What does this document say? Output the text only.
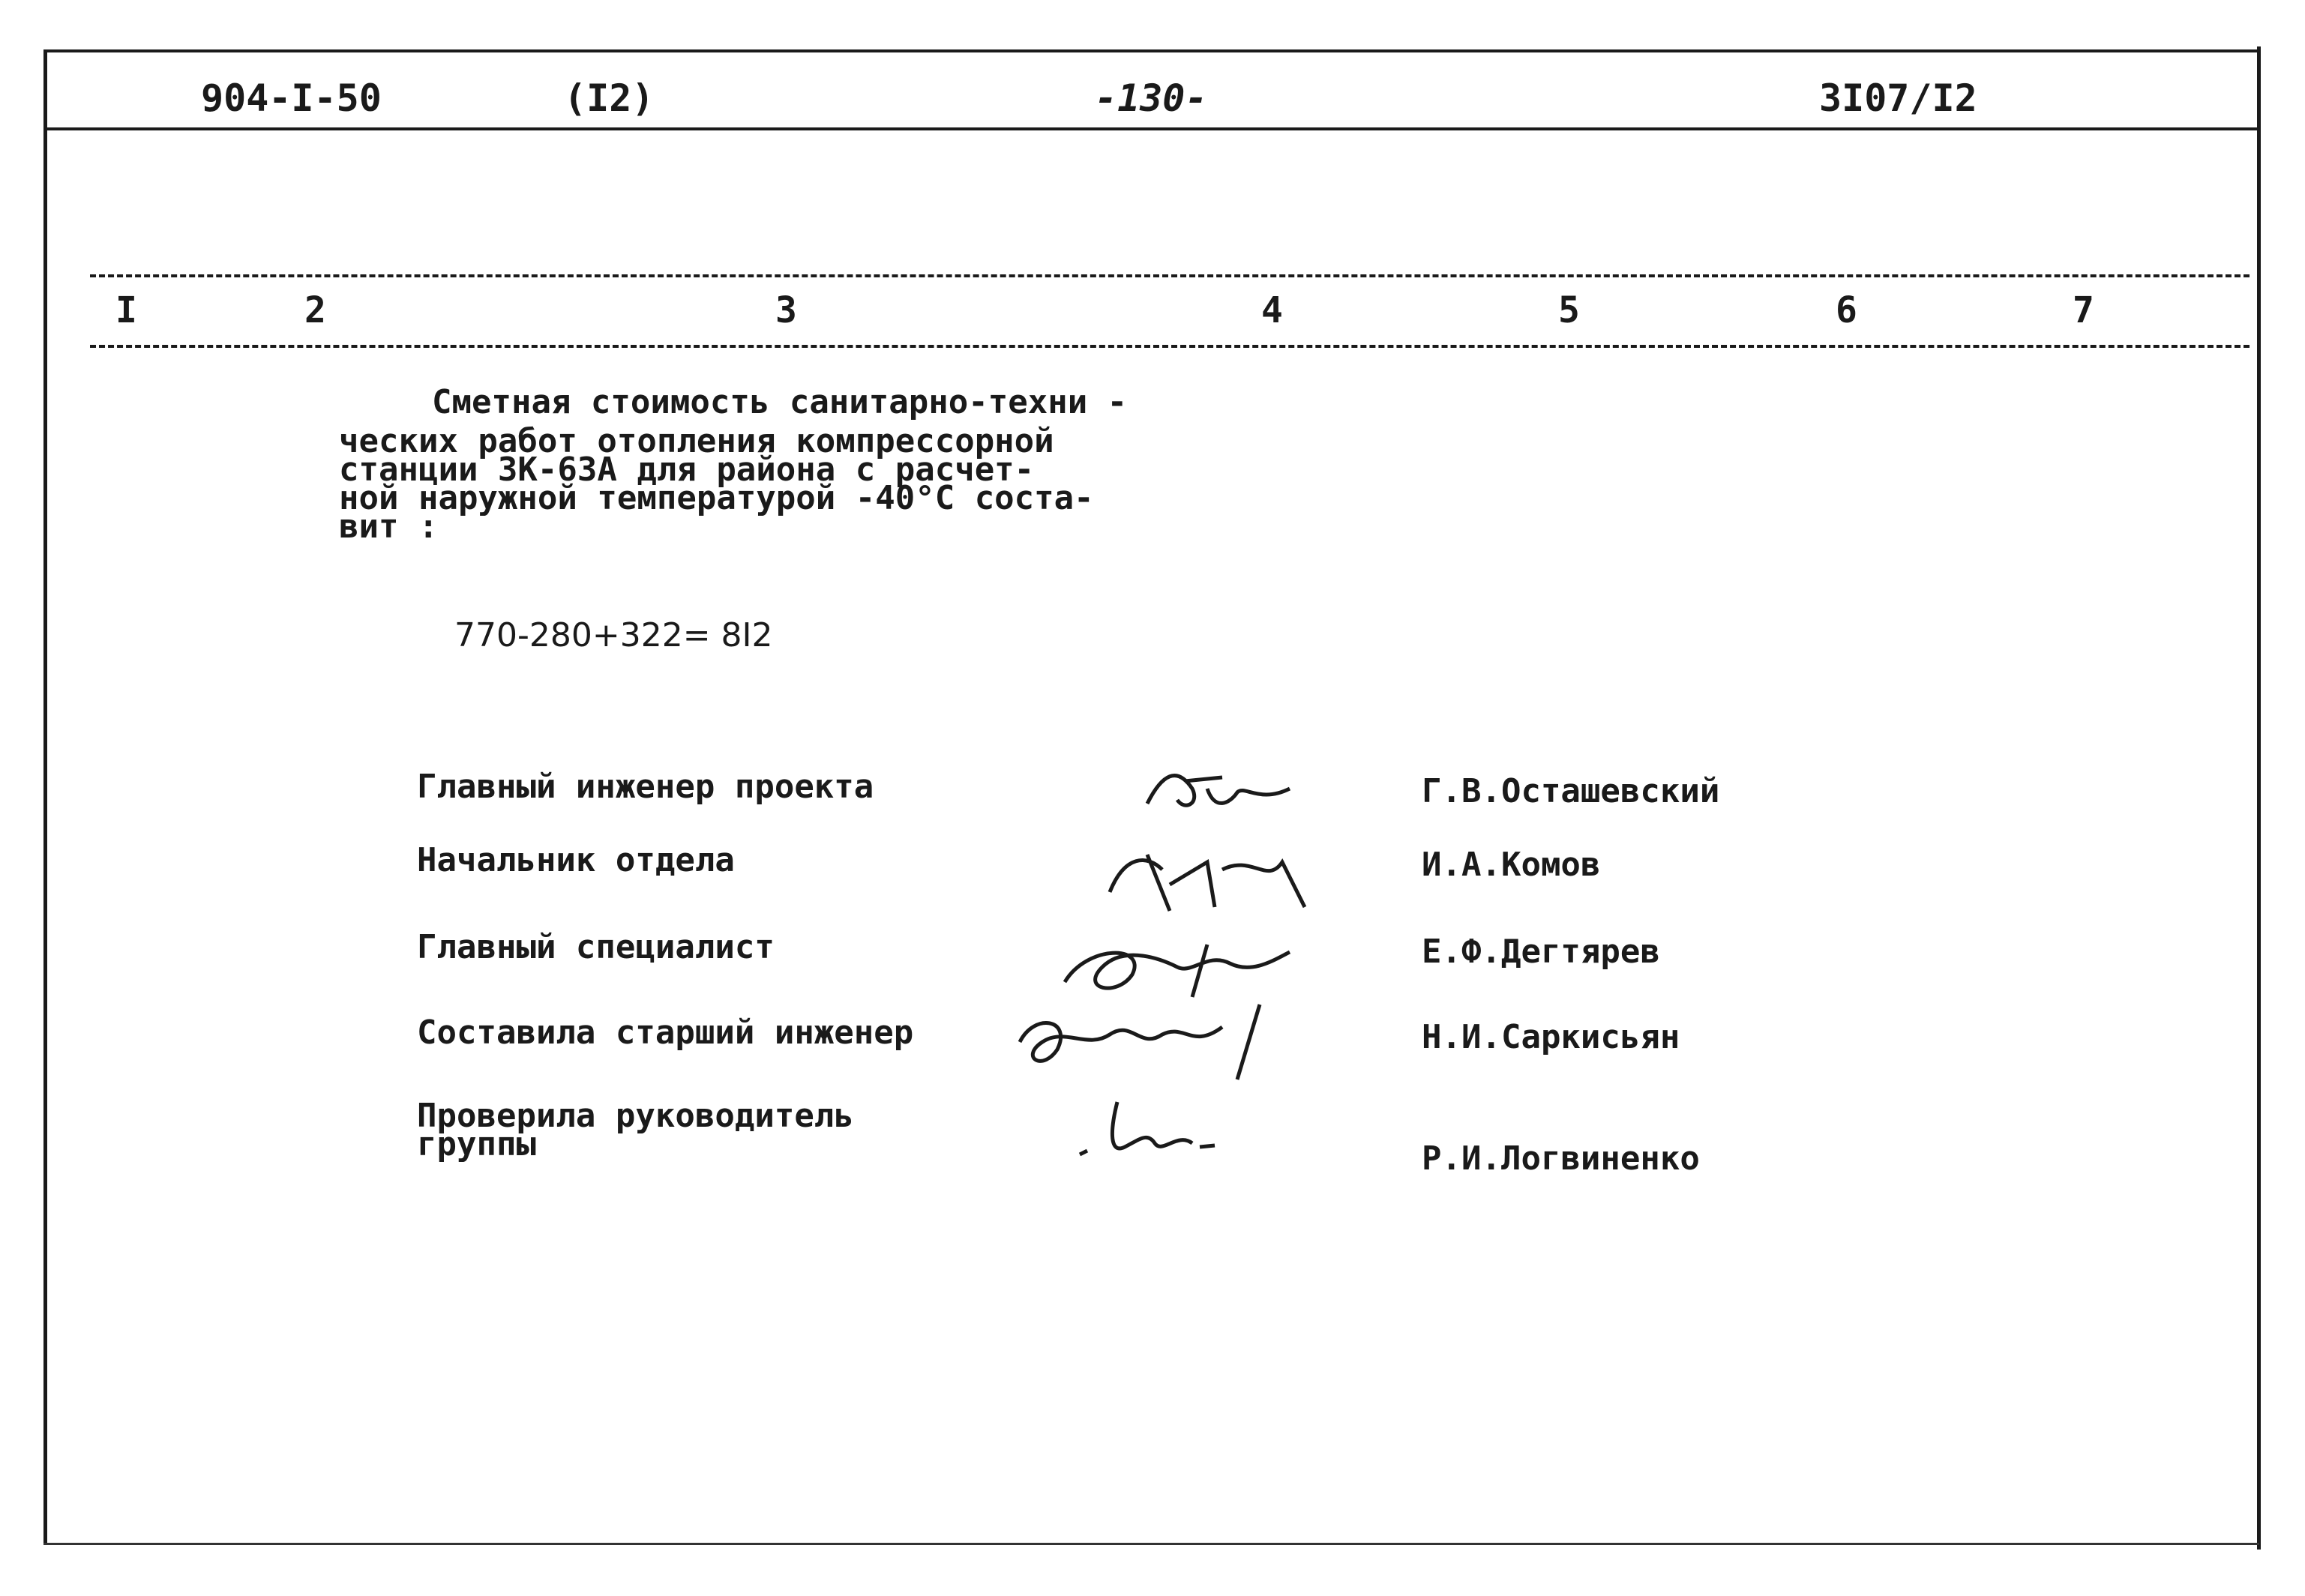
904-I-50	(I2)	-130-	3I07/I2
I	2	3	4	5	6	7
Сметная стоимость санитарно-техни -
ческих работ отопления компрессорной
станции ЗК-63А для района с расчет-
ной наружной температурой -40°С соста-
вит :
770-280+322= 8I2
Главный инженер проекта	Г.В.Осташевский
Начальник отдела	И.А.Комов
Главный специалист	Е.Ф.Дегтярев
Составила старший инженер	Н.И.Саркисьян
Проверила руководитель
группы	Р.И.Логвиненко
